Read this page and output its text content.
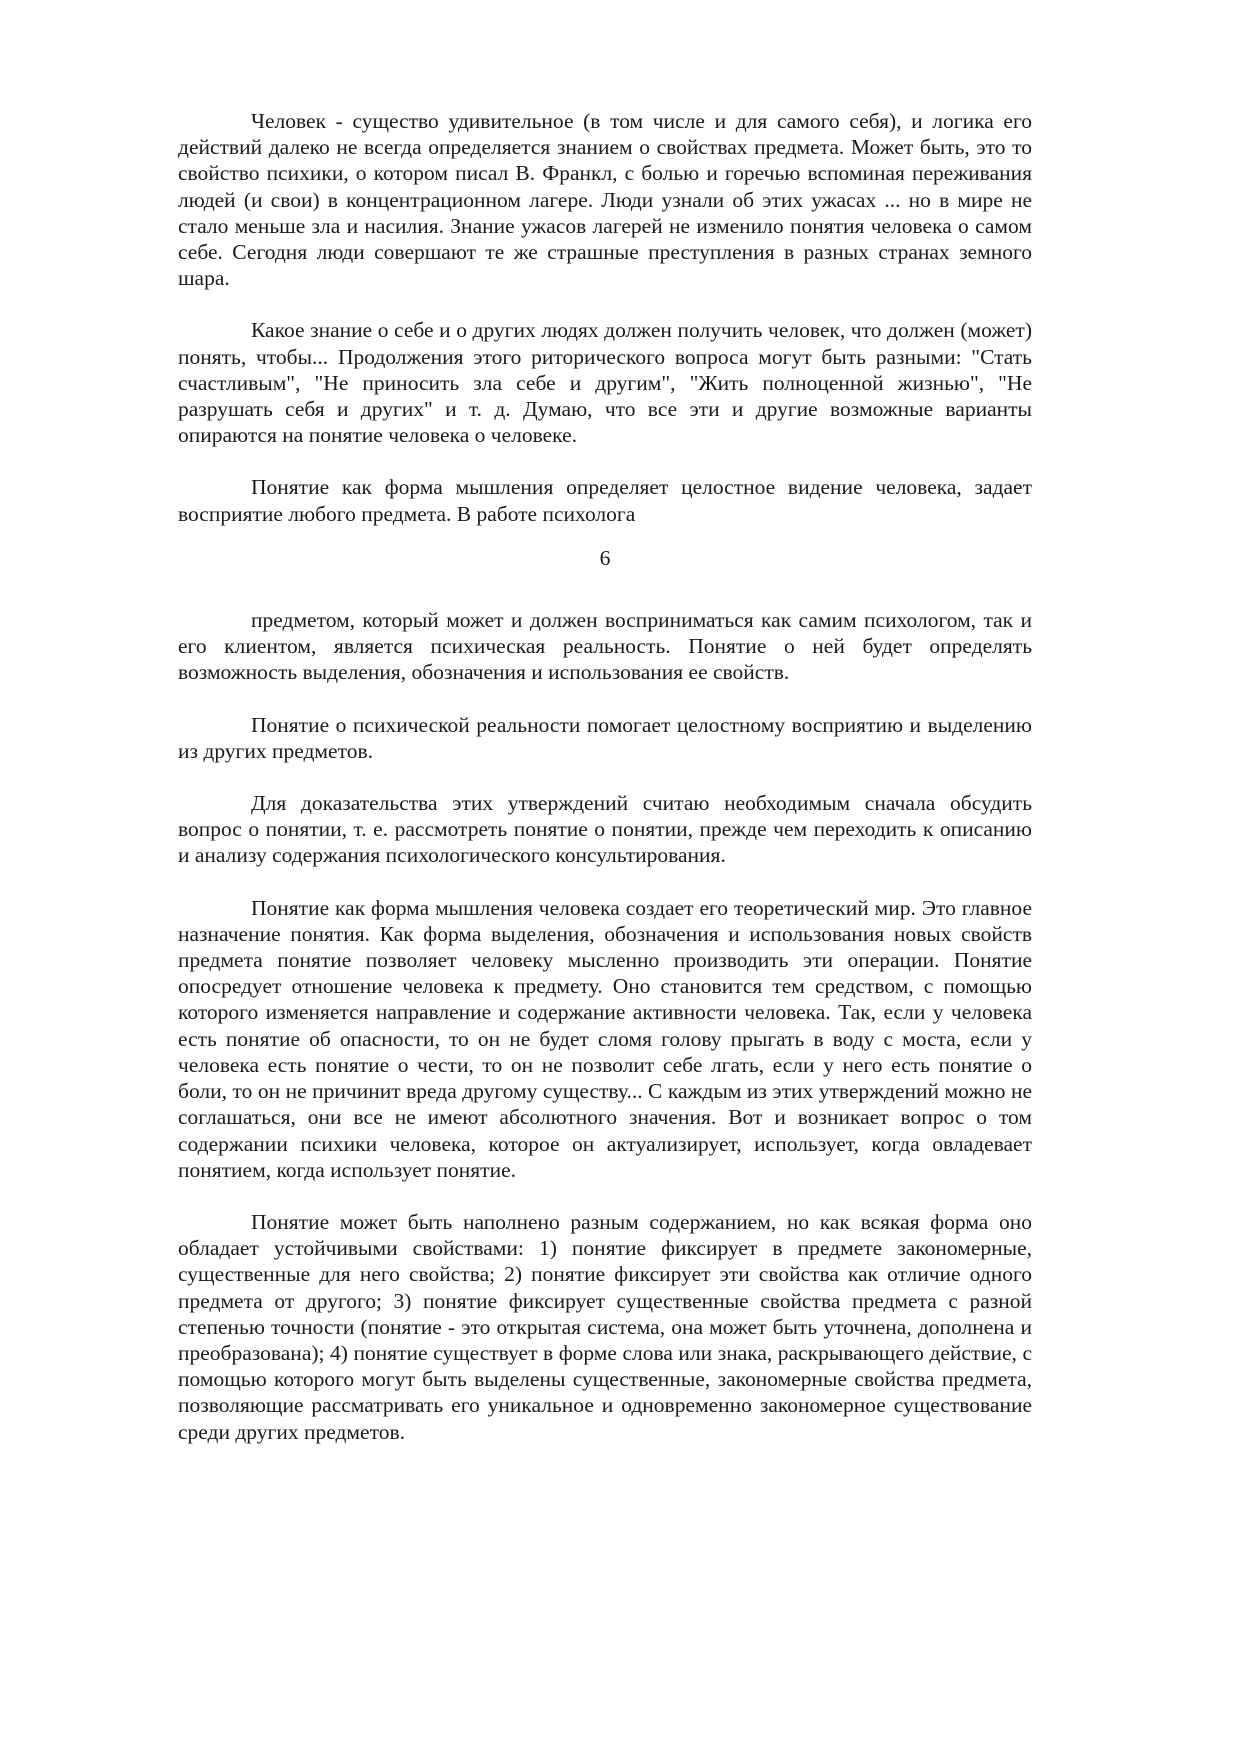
Человек - существо удивительное (в том числе и для самого себя), и логика его действий далеко не всегда определяется знанием о свойствах предмета. Может быть, это то свойство психики, о котором писал В. Франкл, с болью и горечью вспоминая переживания людей (и свои) в концентрационном лагере. Люди узнали об этих ужасах ... но в мире не стало меньше зла и насилия. Знание ужасов лагерей не изменило понятия человека о самом себе. Сегодня люди совершают те же страшные преступления в разных странах земного шара.

Какое знание о себе и о других людях должен получить человек, что должен (может) понять, чтобы... Продолжения этого риторического вопроса могут быть разными: "Стать счастливым", "Не приносить зла себе и другим", "Жить полноценной жизнью", "Не разрушать себя и других" и т. д. Думаю, что все эти и другие возможные варианты опираются на понятие человека о человеке.

Понятие как форма мышления определяет целостное видение человека, задает восприятие любого предмета. В работе психолога

6

предметом, который может и должен восприниматься как самим психологом, так и его клиентом, является психическая реальность. Понятие о ней будет определять возможность выделения, обозначения и использования ее свойств.

Понятие о психической реальности помогает целостному восприятию и выделению из других предметов.

Для доказательства этих утверждений считаю необходимым сначала обсудить вопрос о понятии, т. е. рассмотреть понятие о понятии, прежде чем переходить к описанию и анализу содержания психологического консультирования.

Понятие как форма мышления человека создает его теоретический мир. Это главное назначение понятия. Как форма выделения, обозначения и использования новых свойств предмета понятие позволяет человеку мысленно производить эти операции. Понятие опосредует отношение человека к предмету. Оно становится тем средством, с помощью которого изменяется направление и содержание активности человека. Так, если у человека есть понятие об опасности, то он не будет сломя голову прыгать в воду с моста, если у человека есть понятие о чести, то он не позволит себе лгать, если у него есть понятие о боли, то он не причинит вреда другому существу... С каждым из этих утверждений можно не соглашаться, они все не имеют абсолютного значения. Вот и возникает вопрос о том содержании психики человека, которое он актуализирует, использует, когда овладевает понятием, когда использует понятие.

Понятие может быть наполнено разным содержанием, но как всякая форма оно обладает устойчивыми свойствами: 1) понятие фиксирует в предмете закономерные, существенные для него свойства; 2) понятие фиксирует эти свойства как отличие одного предмета от другого; 3) понятие фиксирует существенные свойства предмета с разной степенью точности (понятие - это открытая система, она может быть уточнена, дополнена и преобразована); 4) понятие существует в форме слова или знака, раскрывающего действие, с помощью которого могут быть выделены существенные, закономерные свойства предмета, позволяющие рассматривать его уникальное и одновременно закономерное существование среди других предметов.
